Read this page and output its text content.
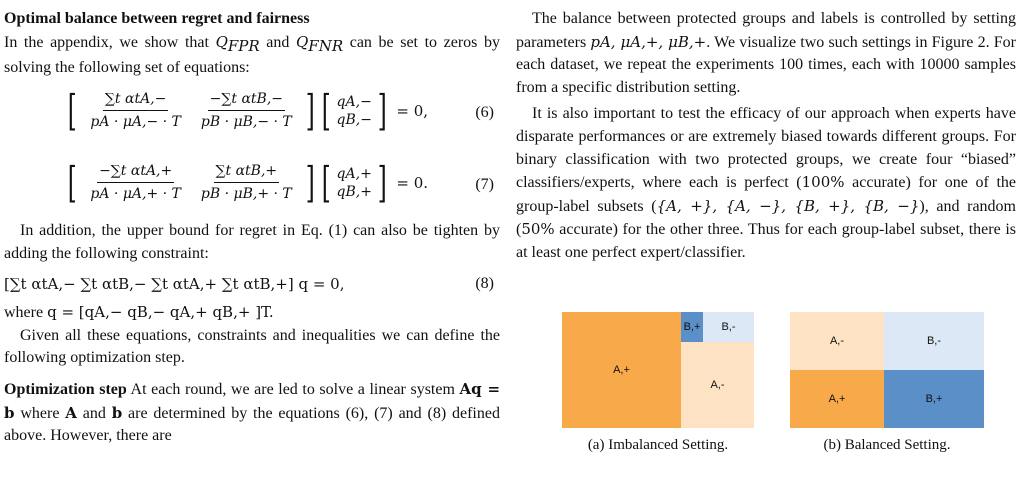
Optimal balance between regret and fairness

In the appendix, we show that $Q_{FPR}$ and $Q_{FNR}$ can be set to zeros by solving the following set of equations:

[ $\frac{\text{∑t αtA,−}}{pA \cdot \mu A,- \cdot T} \frac{\text{−∑t αtB,−}}{pB \cdot \mu B,- \cdot T}$ ] [ qA,−
qB,− ] = 0,	(6)
[ $\frac{\text{−∑t αtA,+}}{pA \cdot \mu A,+ \cdot T} \frac{\text{∑t αtB,+}}{pB \cdot \mu B,+ \cdot T}$ ] [ qA,+
qB,+ ] = 0.	(7)

In addition, the upper bound for regret in Eq. (1) can also be tighten by adding the following constraint:

[∑t αtA,− ∑t αtB,− ∑t αtA,+ ∑t αtB,+] q = 0,	(8)

where q = [qA,− qB,− qA,+ qB,+ ]T.

Given all these equations, constraints and inequalities we can define the following optimization step.

Optimization step At each round, we are led to solve a linear system Aq = b where A and b are determined by the equations (6), (7) and (8) defined above. However, there are

The balance between protected groups and labels is controlled by setting parameters pA, μA,+, μB,+. We visualize two such settings in Figure 2. For each dataset, we repeat the experiments 100 times, each with 10000 samples from a specific distribution setting.

It is also important to test the efficacy of our approach when experts have disparate performances or are extremely biased towards different groups. For binary classification with two protected groups, we create four “biased” classifiers/experts, where each is perfect (100% accurate) for one of the group-label subsets ({A, +}, {A, −}, {B, +}, {B, −}), and random (50% accurate) for the other three. Thus for each group-label subset, there is at least one perfect expert/classifier.

A,+
B,+	B,-
A,-
(a) Imbalanced Setting.
A,-	B,-
A,+	B,+
(b) Balanced Setting.
